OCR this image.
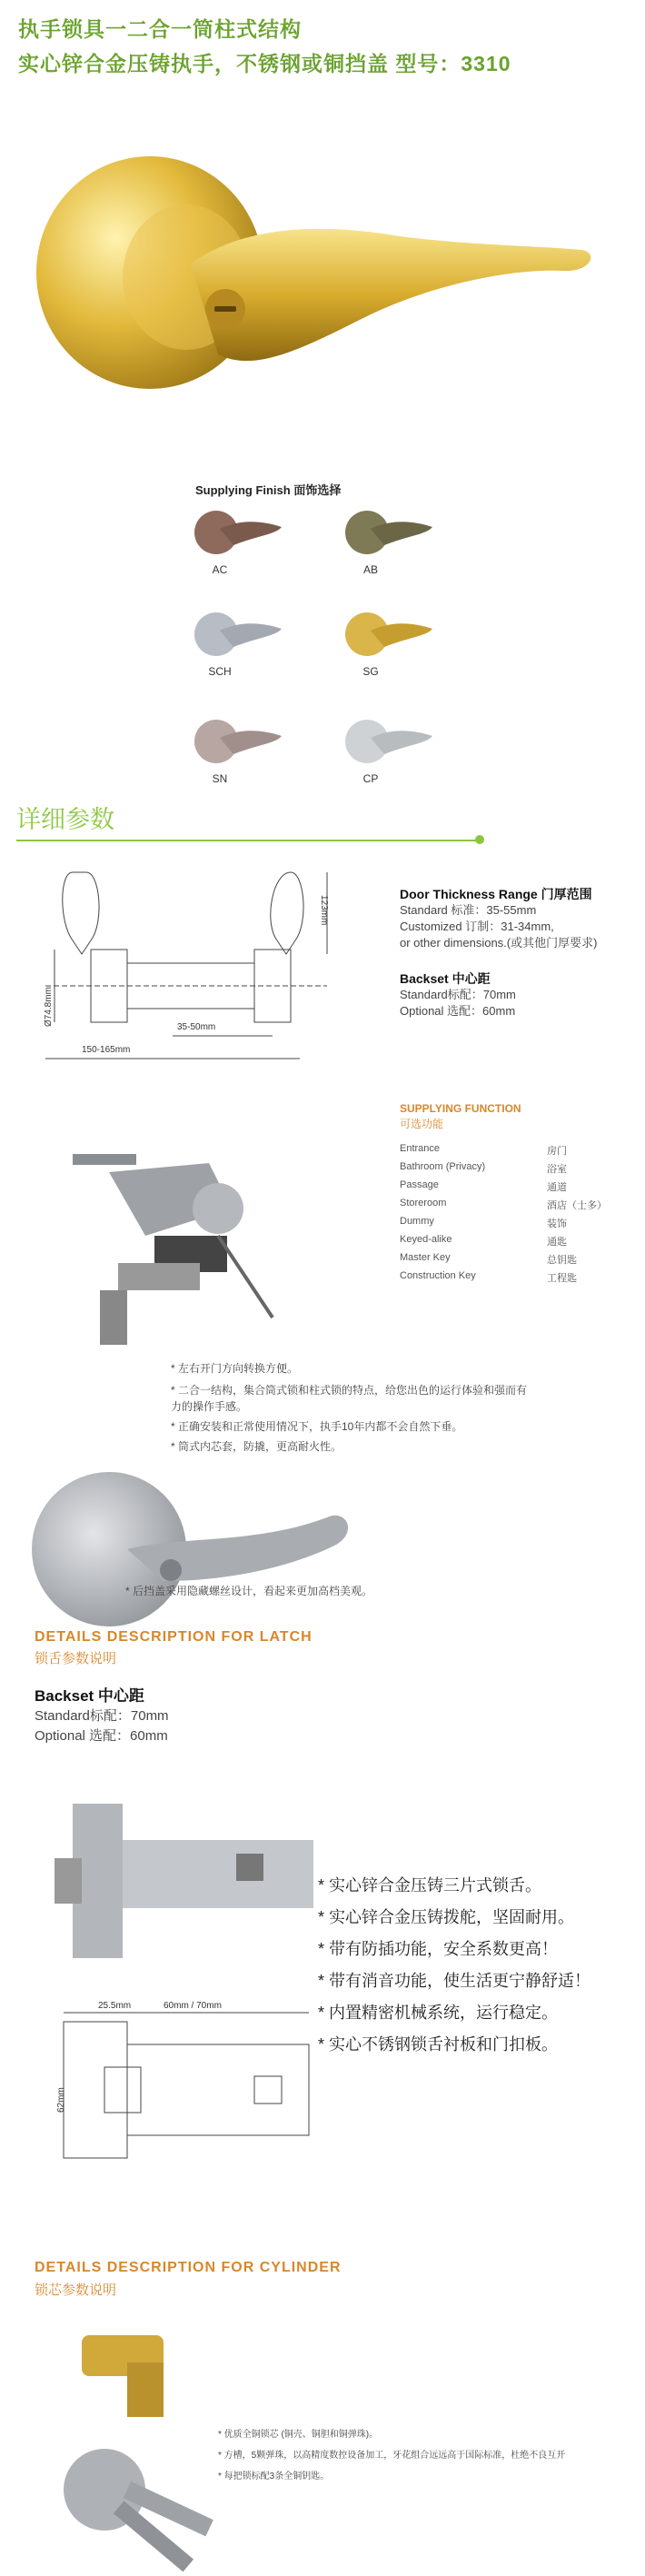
执手锁具一二合一筒柱式结构
实心锌合金压铸执手，不锈钢或铜挡盖 型号：3310
Supplying Finish 面饰选择
AC	AB
SCH	SG
SN	CP
详细参数
123mm
Ø74.8mm
35-50mm
150-165mm
Door Thickness Range 门厚范围
Standard 标准：35-55mm
Customized 订制：31-34mm,
or other dimensions.(或其他门厚要求)
Backset 中心距
Standard标配：70mm
Optional 选配：60mm
SUPPLYING FUNCTION
可选功能
Entrance	房门
Bathroom (Privacy)	浴室
Passage	通道
Storeroom	酒店（士多）
Dummy	装饰
Keyed-alike	通匙
Master Key	总钥匙
Construction Key	工程匙
* 左右开门方向转换方便。
* 二合一结构，集合筒式锁和柱式锁的特点，给您出色的运行体验和强而有
力的操作手感。
* 正确安装和正常使用情况下，执手10年内都不会自然下垂。
* 筒式内芯套，防撬，更高耐火性。
* 后挡盖采用隐藏螺丝设计，看起来更加高档美观。
DETAILS DESCRIPTION FOR LATCH
锁舌参数说明
Backset 中心距
Standard标配：70mm
Optional 选配：60mm
25.5mm	60mm / 70mm
62mm
* 实心锌合金压铸三片式锁舌。
* 实心锌合金压铸拨舵，坚固耐用。
* 带有防插功能，安全系数更高！
* 带有消音功能，使生活更宁静舒适！
* 内置精密机械系统，运行稳定。
* 实心不锈钢锁舌衬板和门扣板。
DETAILS DESCRIPTION FOR CYLINDER
锁芯参数说明
* 优质全铜锁芯 (铜壳、铜胆和铜弹珠)。
* 方槽，5颗弹珠，以高精度数控设备加工，牙花组合远远高于国际标准，杜绝不良互开
* 每把锁标配3条全铜钥匙。
